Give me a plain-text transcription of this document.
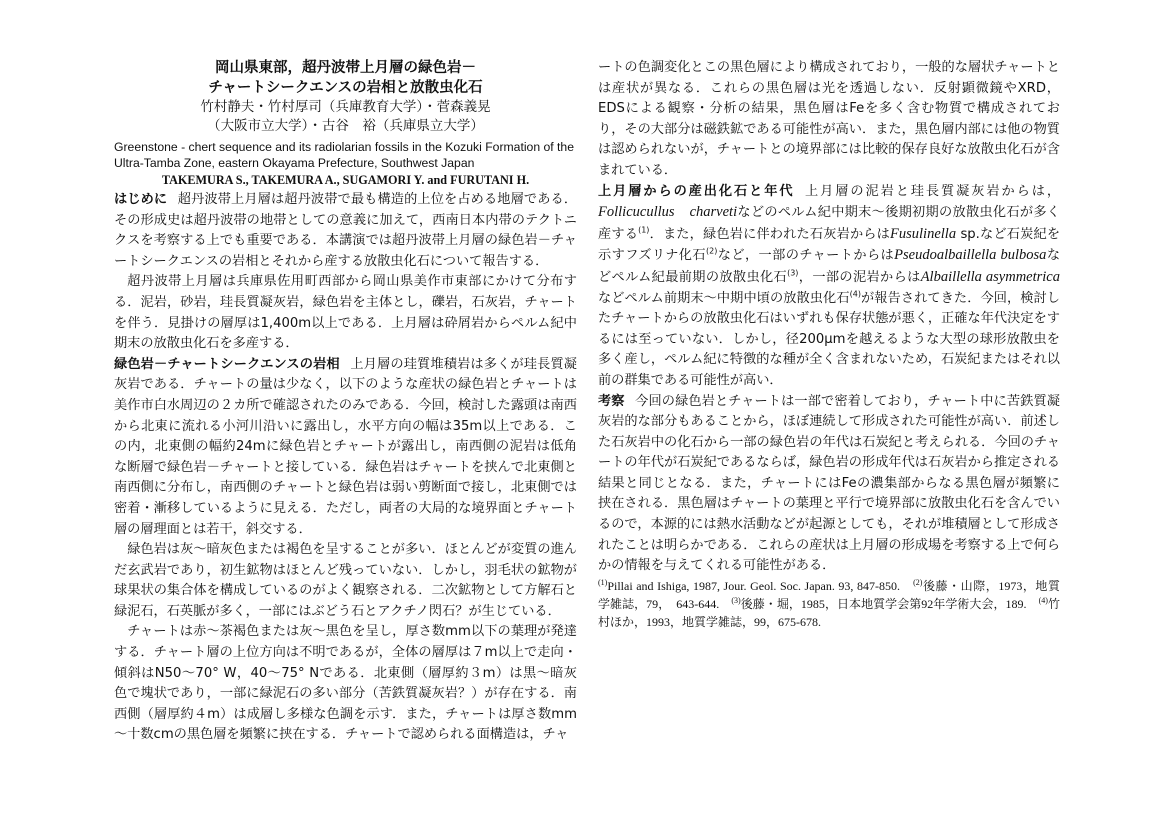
岡山県東部，超丹波帯上月層の緑色岩－

チャートシークエンスの岩相と放散虫化石

竹村静夫・竹村厚司（兵庫教育大学）・菅森義晃

（大阪市立大学）・古谷　裕（兵庫県立大学）

Greenstone - chert sequence and its radiolarian fossils in the Kozuki Formation of the Ultra-Tamba Zone, eastern Okayama Prefecture, Southwest Japan

TAKEMURA S., TAKEMURA A., SUGAMORI Y. and FURUTANI H.

はじめに 超丹波帯上月層は超丹波帯で最も構造的上位を占める地層である．その形成史は超丹波帯の地帯としての意義に加えて，西南日本内帯のテクトニクスを考察する上でも重要である．本講演では超丹波帯上月層の緑色岩－チャートシークエンスの岩相とそれから産する放散虫化石について報告する．

超丹波帯上月層は兵庫県佐用町西部から岡山県美作市東部にかけて分布する．泥岩，砂岩，珪長質凝灰岩，緑色岩を主体とし，礫岩，石灰岩，チャートを伴う．見掛けの層厚は1,400m以上である．上月層は砕屑岩からペルム紀中期末の放散虫化石を多産する．

緑色岩－チャートシークエンスの岩相 上月層の珪質堆積岩は多くが珪長質凝灰岩である．チャートの量は少なく，以下のような産状の緑色岩とチャートは美作市白水周辺の２カ所で確認されたのみである．今回，検討した露頭は南西から北東に流れる小河川沿いに露出し，水平方向の幅は35m以上である．この内，北東側の幅約24mに緑色岩とチャートが露出し，南西側の泥岩は低角な断層で緑色岩－チャートと接している．緑色岩はチャートを挟んで北東側と南西側に分布し，南西側のチャートと緑色岩は弱い剪断面で接し，北東側では密着・漸移しているように見える．ただし，両者の大局的な境界面とチャート層の層理面とは若干，斜交する．

緑色岩は灰～暗灰色または褐色を呈することが多い．ほとんどが変質の進んだ玄武岩であり，初生鉱物はほとんど残っていない．しかし，羽毛状の鉱物が球果状の集合体を構成しているのがよく観察される．二次鉱物として方解石と緑泥石，石英脈が多く，一部にはぶどう石とアクチノ閃石？が生じている．

チャートは赤～茶褐色または灰～黒色を呈し，厚さ数mm以下の葉理が発達する．チャート層の上位方向は不明であるが，全体の層厚は７m以上で走向・傾斜はN50～70° W，40～75° Nである．北東側（層厚約３m）は黒～暗灰色で塊状であり，一部に緑泥石の多い部分（苦鉄質凝灰岩？）が存在する．南西側（層厚約４m）は成層し多様な色調を示す．また，チャートは厚さ数mm～十数cmの黒色層を頻繁に挟在する．チャートで認められる面構造は，チャ

ートの色調変化とこの黒色層により構成されており，一般的な層状チャートとは産状が異なる．これらの黒色層は光を透過しない．反射顕微鏡やXRD，EDSによる観察・分析の結果，黒色層はFeを多く含む物質で構成されており，その大部分は磁鉄鉱である可能性が高い．また，黒色層内部には他の物質は認められないが，チャートとの境界部には比較的保存良好な放散虫化石が含まれている．

上月層からの産出化石と年代 上月層の泥岩と珪長質凝灰岩からは，Follicucullus　charvetiなどのペルム紀中期末～後期初期の放散虫化石が多く産する$^{(1)}$．また，緑色岩に伴われた石灰岩からはFusulinella sp.など石炭紀を示すフズリナ化石$^{(2)}$など，一部のチャートからはPseudoalbaillella bulbosaなどペルム紀最前期の放散虫化石$^{(3)}$，一部の泥岩からはAlbaillella asymmetricaなどペルム前期末～中期中頃の放散虫化石$^{(4)}$が報告されてきた．今回，検討したチャートからの放散虫化石はいずれも保存状態が悪く，正確な年代決定をするには至っていない．しかし，径200μmを越えるような大型の球形放散虫を多く産し，ペルム紀に特徴的な種が全く含まれないため，石炭紀またはそれ以前の群集である可能性が高い．

考察 今回の緑色岩とチャートは一部で密着しており，チャート中に苦鉄質凝灰岩的な部分もあることから，ほぼ連続して形成された可能性が高い．前述した石灰岩中の化石から一部の緑色岩の年代は石炭紀と考えられる．今回のチャートの年代が石炭紀であるならば，緑色岩の形成年代は石灰岩から推定される結果と同じとなる．また，チャートにはFeの濃集部からなる黒色層が頻繁に挟在される．黒色層はチャートの葉理と平行で境界部に放散虫化石を含んでいるので，本源的には熱水活動などが起源としても，それが堆積層として形成されたことは明らかである．これらの産状は上月層の形成場を考察する上で何らかの情報を与えてくれる可能性がある．

$^{(1)}$Pillai and Ishiga, 1987, Jour. Geol. Soc. Japan. 93, 847-850.　$^{(2)}$後藤・山際，1973，地質学雑誌，79，　643-644.　$^{(3)}$後藤・堀，1985，日本地質学会第92年学術大会，189.　$^{(4)}$竹村ほか，1993，地質学雑誌，99，675-678.
